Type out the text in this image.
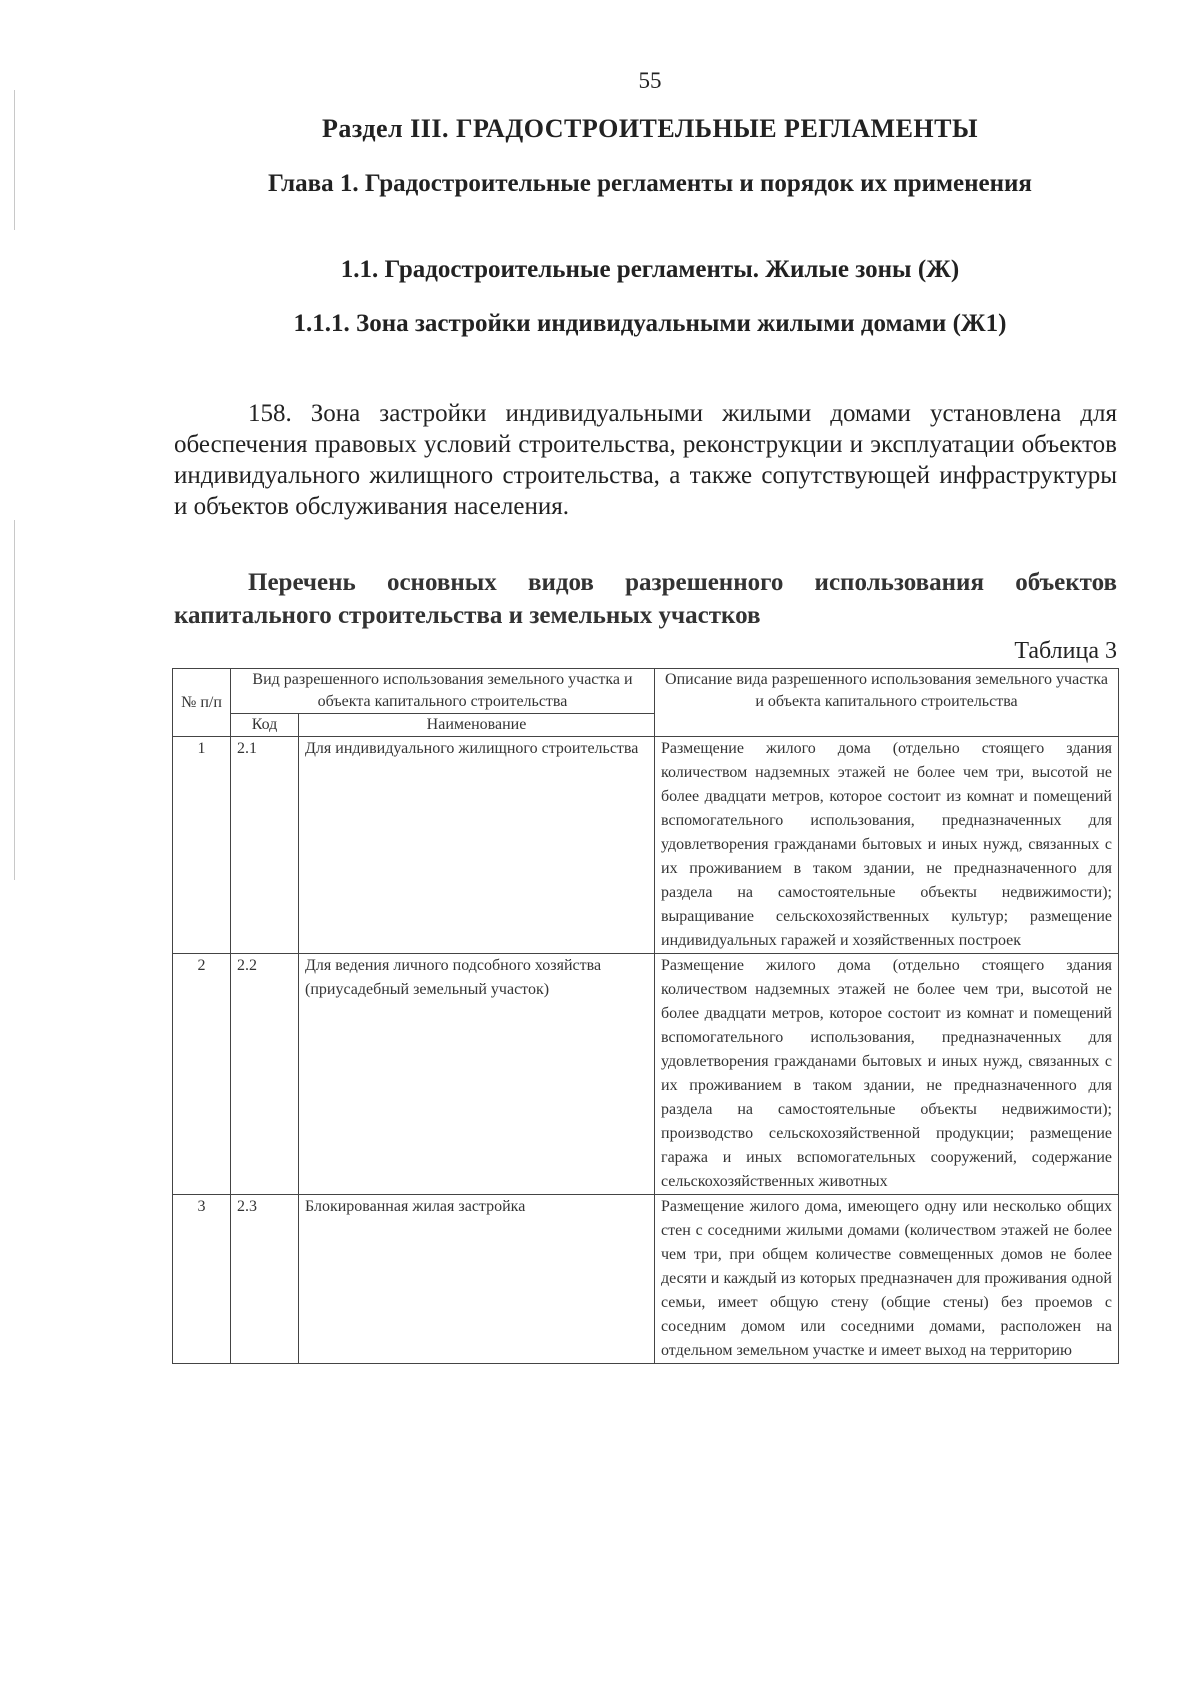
55
Раздел III. ГРАДОСТРОИТЕЛЬНЫЕ РЕГЛАМЕНТЫ
Глава 1. Градостроительные регламенты и порядок их применения
1.1. Градостроительные регламенты. Жилые зоны (Ж)
1.1.1. Зона застройки индивидуальными жилыми домами (Ж1)

158. Зона застройки индивидуальными жилыми домами установлена для обеспечения правовых условий строительства, реконструкции и эксплуатации объектов индивидуального жилищного строительства, а также сопутствующей инфраструктуры и объектов обслуживания населения.

Перечень основных видов разрешенного использования объектов капитального строительства и земельных участков

Таблица 3
№ п/п	Вид разрешенного использования земельного участка и объекта капитального строительства		Описание вида разрешенного использования земельного участка и объекта капитального строительства
	Код	Наименование	
1	2.1	Для индивидуального жилищного строительства	Размещение жилого дома (отдельно стоящего здания количеством надземных этажей не более чем три, высотой не более двадцати метров, которое состоит из комнат и помещений вспомогательного использования, предназначенных для удовлетворения гражданами бытовых и иных нужд, связанных с их проживанием в таком здании, не предназначенного для раздела на самостоятельные объекты недвижимости); выращивание сельскохозяйственных культур; размещение индивидуальных гаражей и хозяйственных построек
2	2.2	Для ведения личного подсобного хозяйства (приусадебный земельный участок)	Размещение жилого дома (отдельно стоящего здания количеством надземных этажей не более чем три, высотой не более двадцати метров, которое состоит из комнат и помещений вспомогательного использования, предназначенных для удовлетворения гражданами бытовых и иных нужд, связанных с их проживанием в таком здании, не предназначенного для раздела на самостоятельные объекты недвижимости); производство сельскохозяйственной продукции; размещение гаража и иных вспомогательных сооружений, содержание сельскохозяйственных животных
3	2.3	Блокированная жилая застройка	Размещение жилого дома, имеющего одну или несколько общих стен с соседними жилыми домами (количеством этажей не более чем три, при общем количестве совмещенных домов не более десяти и каждый из которых предназначен для проживания одной семьи, имеет общую стену (общие стены) без проемов с соседним домом или соседними домами, расположен на отдельном земельном участке и имеет выход на территорию
